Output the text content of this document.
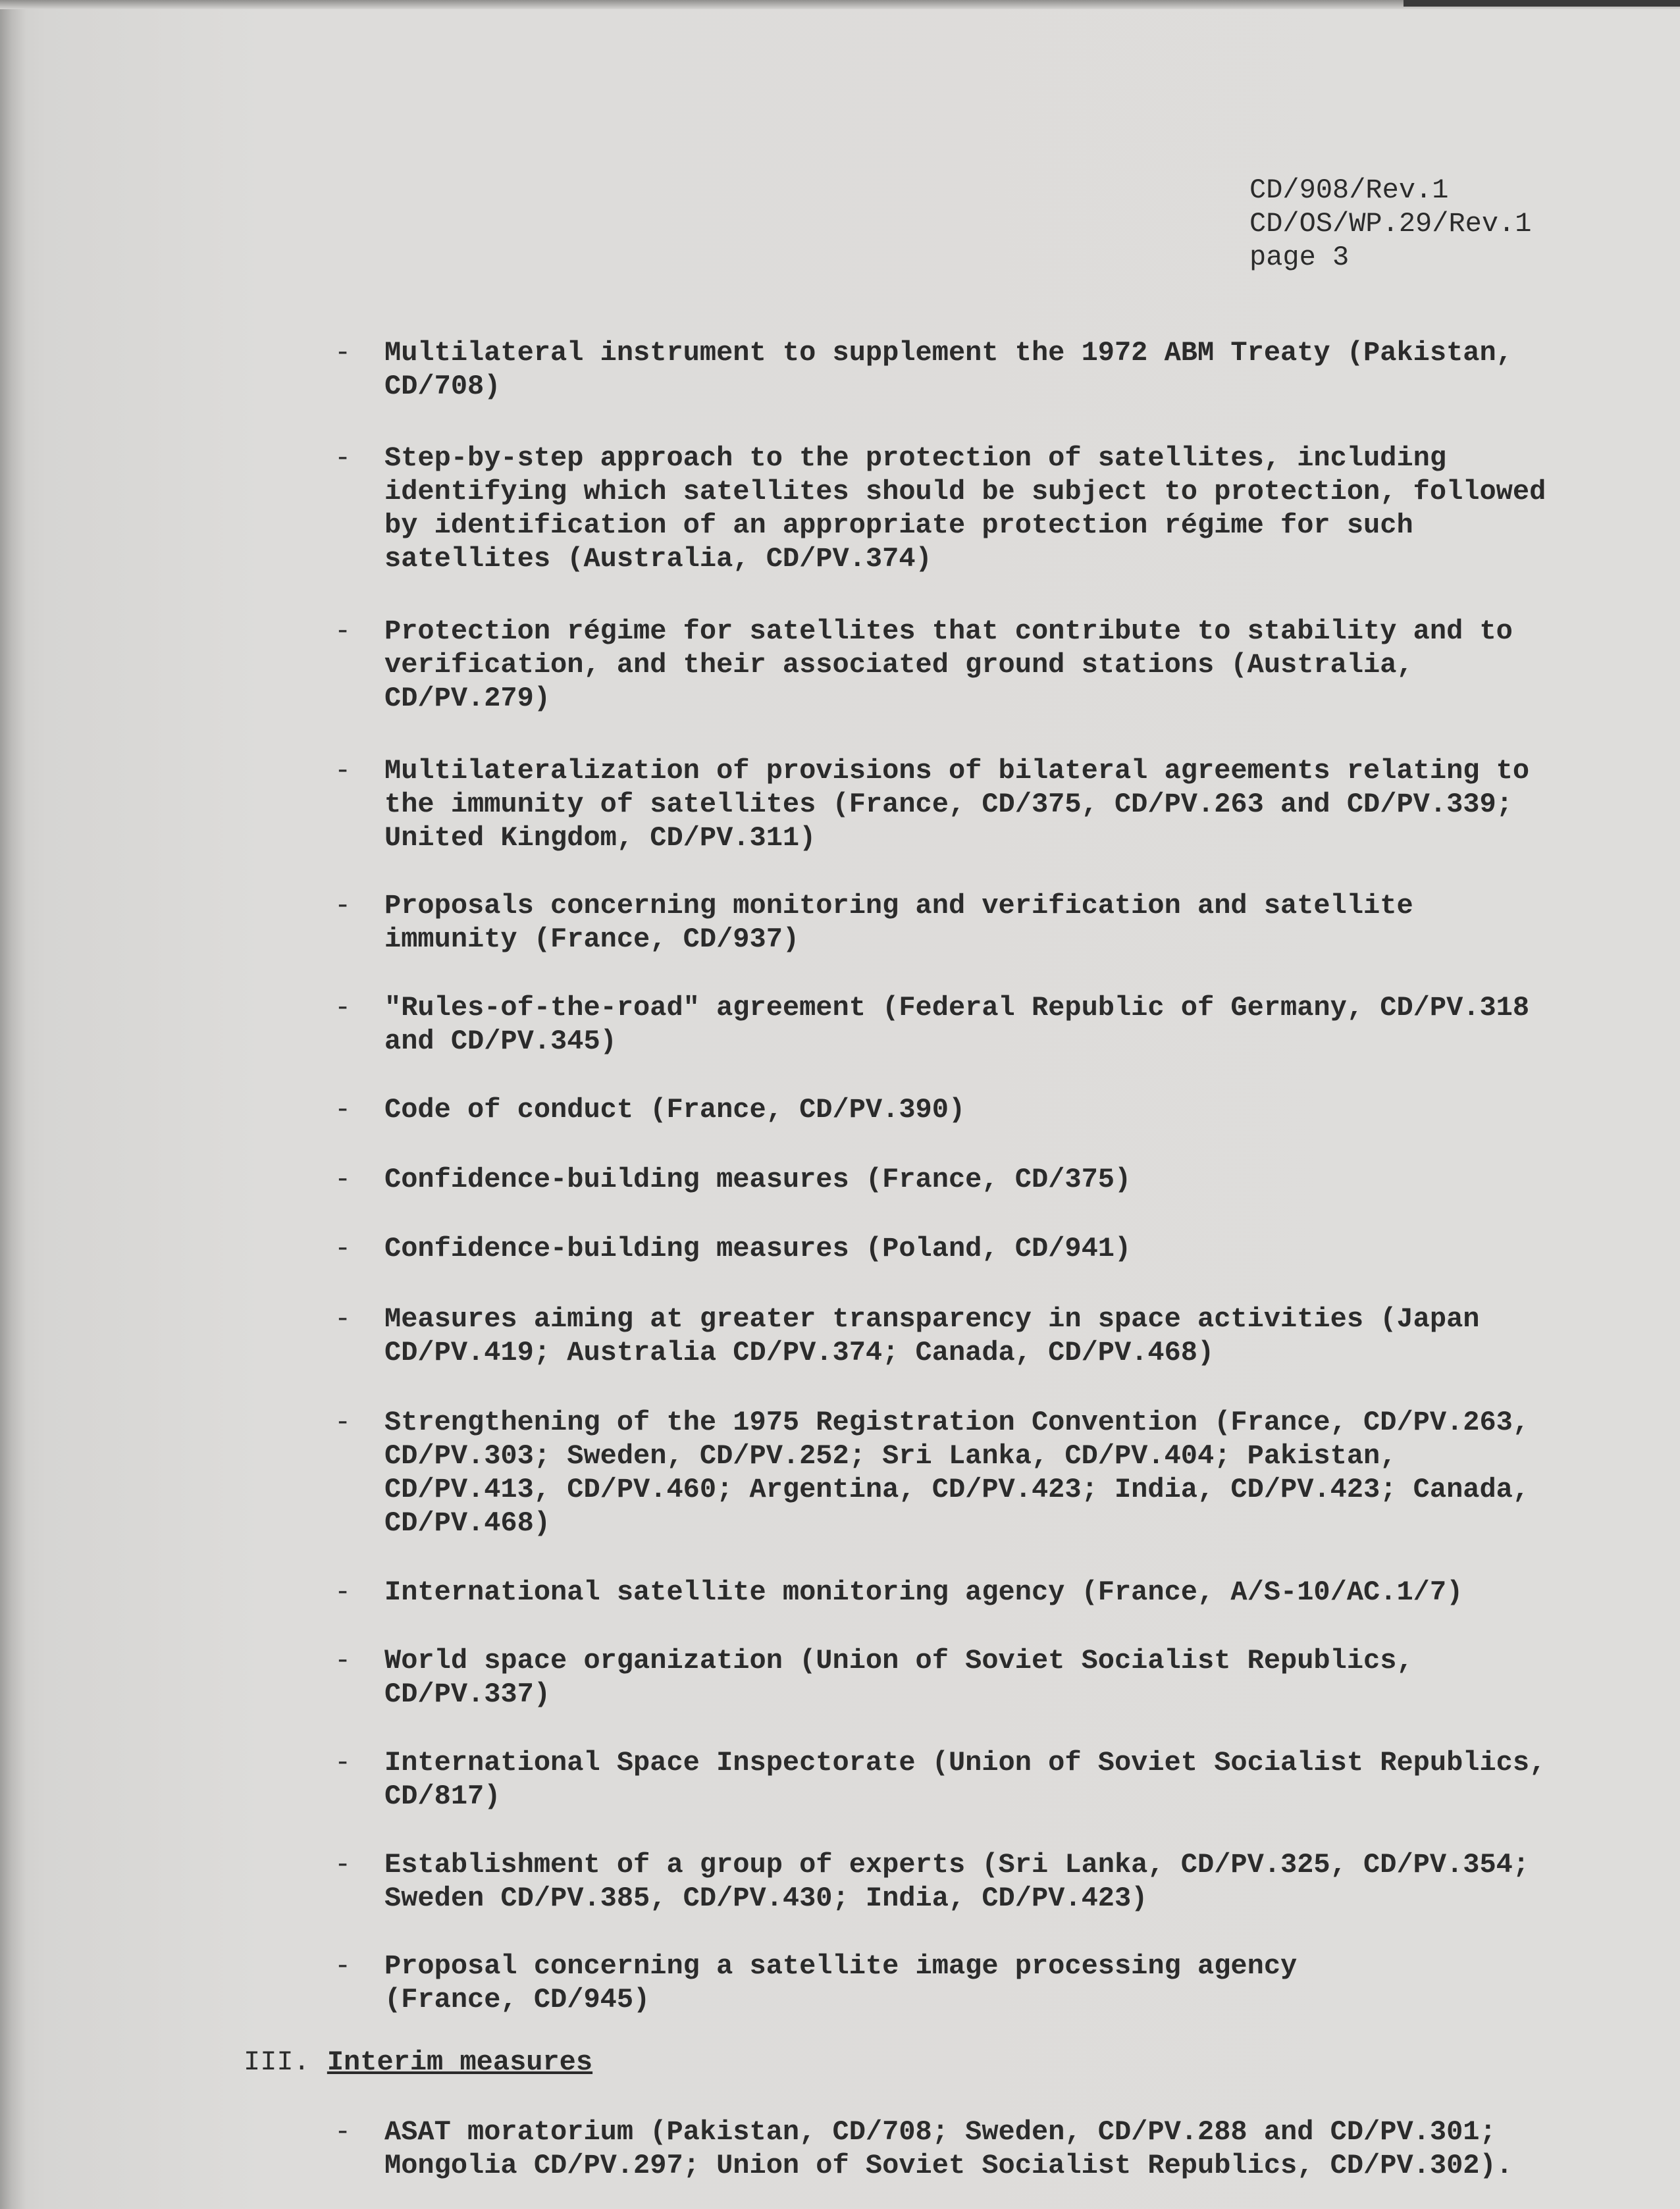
CD/908/Rev.1
CD/OS/WP.29/Rev.1
page 3
- Multilateral instrument to supplement the 1972 ABM Treaty (Pakistan,
CD/708)
- Step-by-step approach to the protection of satellites, including
identifying which satellites should be subject to protection, followed
by identification of an appropriate protection régime for such
satellites (Australia, CD/PV.374)
- Protection régime for satellites that contribute to stability and to
verification, and their associated ground stations (Australia,
CD/PV.279)
- Multilateralization of provisions of bilateral agreements relating to
the immunity of satellites (France, CD/375, CD/PV.263 and CD/PV.339;
United Kingdom, CD/PV.311)
- Proposals concerning monitoring and verification and satellite
immunity (France, CD/937)
- "Rules-of-the-road" agreement (Federal Republic of Germany, CD/PV.318
and CD/PV.345)
- Code of conduct (France, CD/PV.390)
- Confidence-building measures (France, CD/375)
- Confidence-building measures (Poland, CD/941)
- Measures aiming at greater transparency in space activities (Japan
CD/PV.419; Australia CD/PV.374; Canada, CD/PV.468)
- Strengthening of the 1975 Registration Convention (France, CD/PV.263,
CD/PV.303; Sweden, CD/PV.252; Sri Lanka, CD/PV.404; Pakistan,
CD/PV.413, CD/PV.460; Argentina, CD/PV.423; India, CD/PV.423; Canada,
CD/PV.468)
- International satellite monitoring agency (France, A/S-10/AC.1/7)
- World space organization (Union of Soviet Socialist Republics,
CD/PV.337)
- International Space Inspectorate (Union of Soviet Socialist Republics,
CD/817)
- Establishment of a group of experts (Sri Lanka, CD/PV.325, CD/PV.354;
Sweden CD/PV.385, CD/PV.430; India, CD/PV.423)
- Proposal concerning a satellite image processing agency
(France, CD/945)
III. Interim measures
- ASAT moratorium (Pakistan, CD/708; Sweden, CD/PV.288 and CD/PV.301;
Mongolia CD/PV.297; Union of Soviet Socialist Republics, CD/PV.302).
